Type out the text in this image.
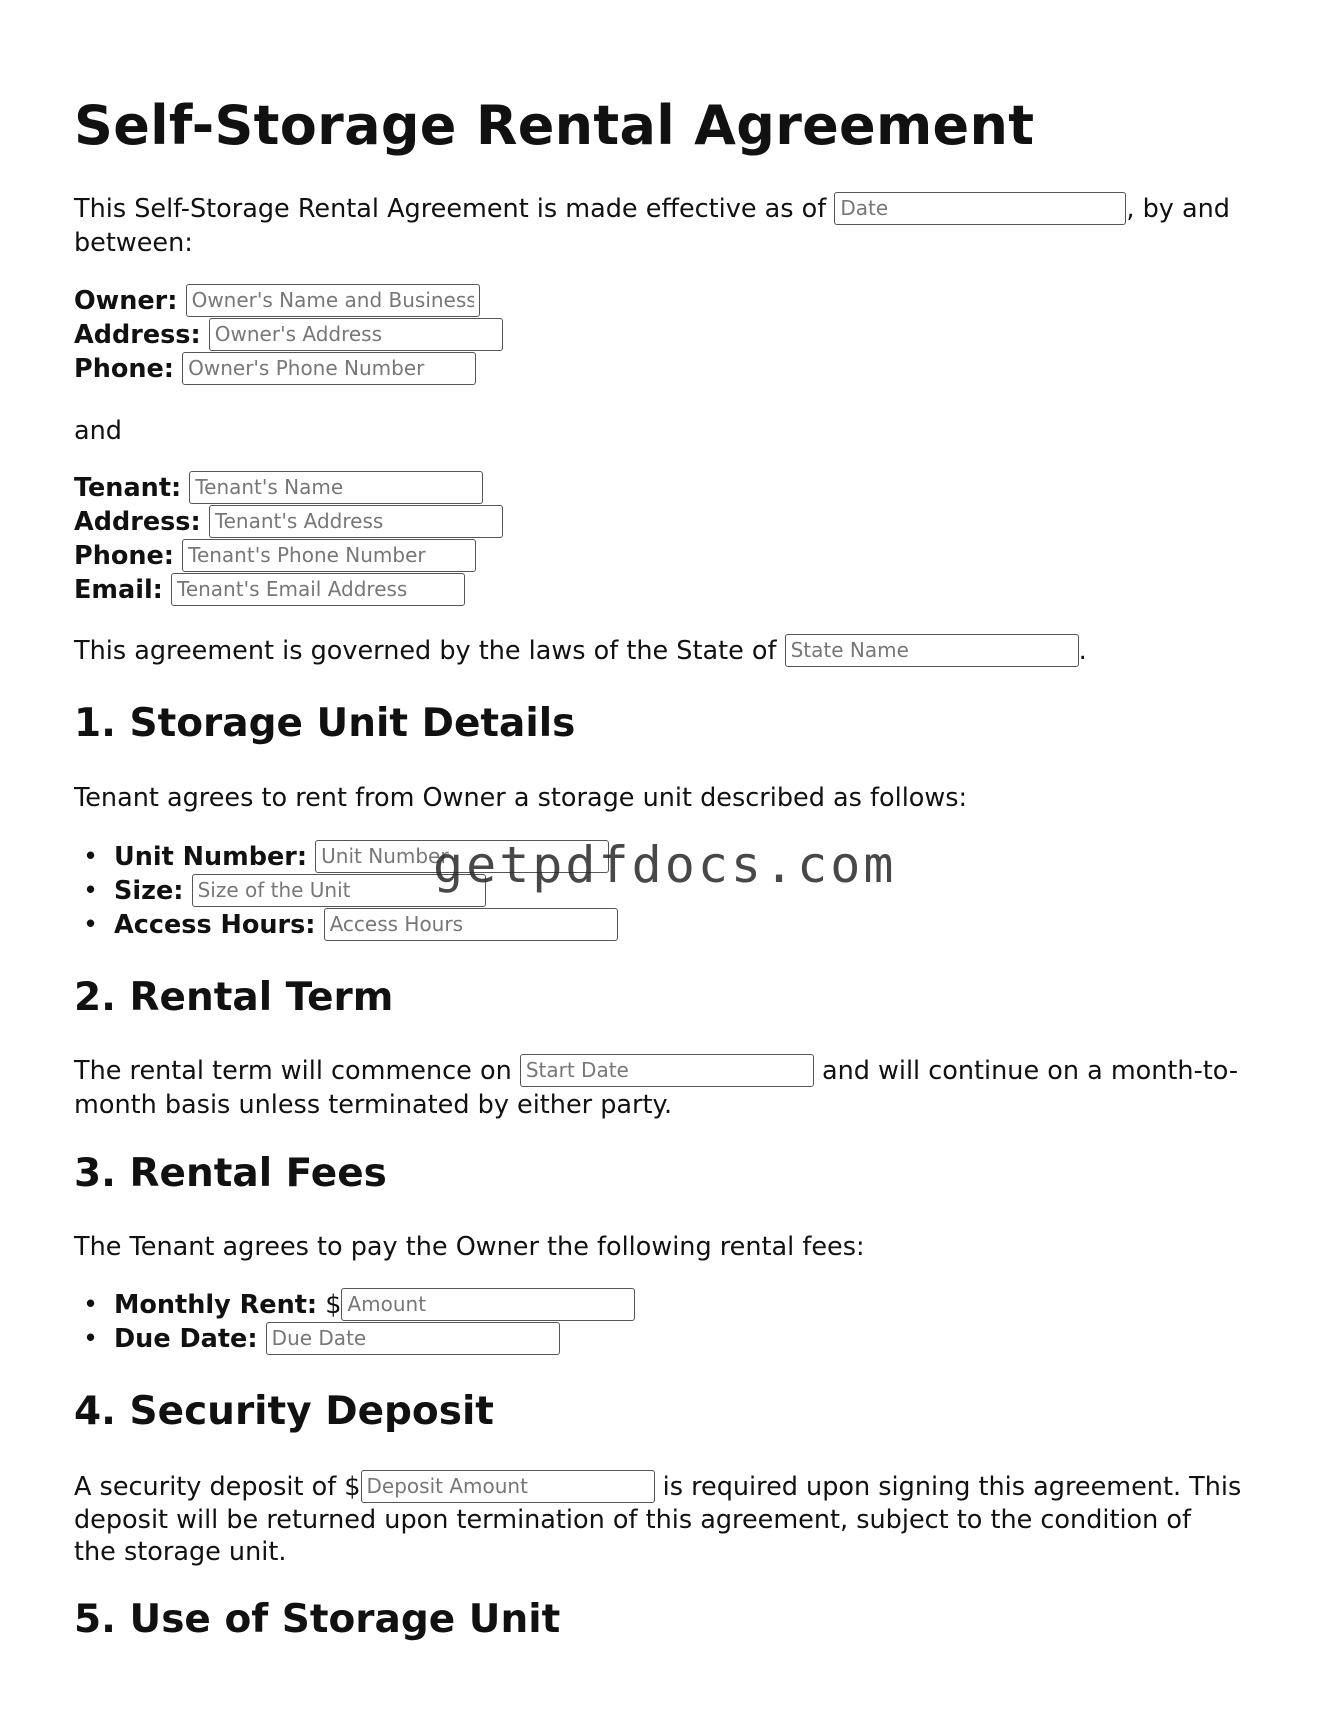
Self-Storage Rental Agreement
This Self-Storage Rental Agreement is made effective as of Date	, by and
between:
Owner: Owner's Name and Business
Address: Owner's Address
Phone: Owner's Phone Number
and
Tenant: Tenant's Name
Address: Tenant's Address
Phone: Tenant's Phone Number
Email: Tenant's Email Address
This agreement is governed by the laws of the State of State Name	.
1. Storage Unit Details
Tenant agrees to rent from Owner a storage unit described as follows:
• Unit Number: Unit Number
• Size: Size of the Unit
• Access Hours: Access Hours
2. Rental Term
The rental term will commence on Start Date	and will continue on a month-to-
month basis unless terminated by either party.
3. Rental Fees
The Tenant agrees to pay the Owner the following rental fees:
• Monthly Rent: $Amount
• Due Date: Due Date
4. Security Deposit
A security deposit of $Deposit Amount	is required upon signing this agreement. This
deposit will be returned upon termination of this agreement, subject to the condition of
the storage unit.
5. Use of Storage Unit
getpdfdocs.com
